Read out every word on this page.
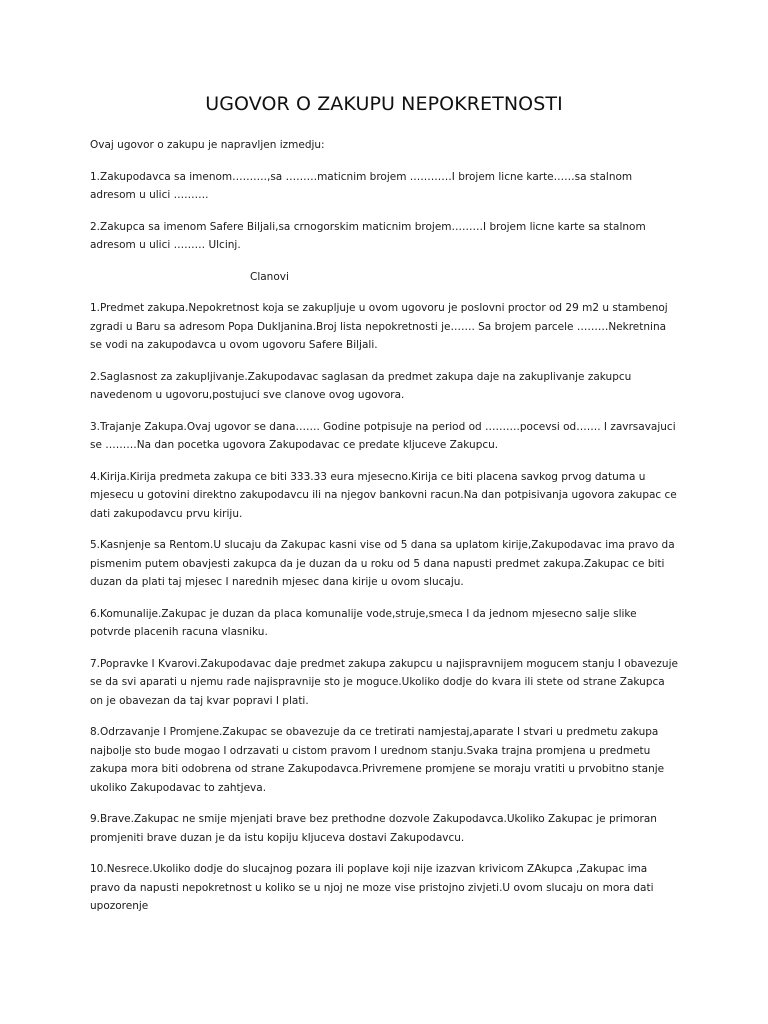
UGOVOR O ZAKUPU NEPOKRETNOSTI

Ovaj ugovor o zakupu je napravljen izmedju:

1.Zakupodavca sa imenom……….,sa ………maticnim brojem …………I brojem licne karte……sa stalnom adresom u ulici ……….

2.Zakupca sa imenom Safere Biljali,sa crnogorskim maticnim brojem………I brojem licne karte sa stalnom adresom u ulici ……… Ulcinj.

Clanovi

1.Predmet zakupa.Nepokretnost koja se zakupljuje u ovom ugovoru je poslovni proctor od 29 m2 u stambenoj zgradi u Baru sa adresom Popa Dukljanina.Broj lista nepokretnosti je……. Sa brojem parcele ………Nekretnina se vodi na zakupodavca u ovom ugovoru Safere Biljali.

2.Saglasnost za zakupljivanje.Zakupodavac saglasan da predmet zakupa daje na zakuplivanje zakupcu navedenom u ugovoru,postujuci sve clanove ovog ugovora.

3.Trajanje Zakupa.Ovaj ugovor se dana……. Godine potpisuje na period od ……….pocevsi od……. I zavrsavajuci se ………Na dan pocetka ugovora Zakupodavac ce predate kljuceve Zakupcu.

4.Kirija.Kirija predmeta zakupa ce biti 333.33 eura mjesecno.Kirija ce biti placena savkog prvog datuma u mjesecu u gotovini direktno zakupodavcu ili na njegov bankovni racun.Na dan potpisivanja ugovora zakupac ce dati zakupodavcu prvu kiriju.

5.Kasnjenje sa Rentom.U slucaju da Zakupac kasni vise od 5 dana sa uplatom kirije,Zakupodavac ima pravo da pismenim putem obavjesti zakupca da je duzan da u roku od 5 dana napusti predmet zakupa.Zakupac ce biti duzan da plati taj mjesec I narednih mjesec dana kirije u ovom slucaju.

6.Komunalije.Zakupac je duzan da placa komunalije vode,struje,smeca I da jednom mjesecno salje slike potvrde placenih racuna vlasniku.

7.Popravke I Kvarovi.Zakupodavac daje predmet zakupa zakupcu u najispravnijem mogucem stanju I obavezuje se da svi aparati u njemu rade najispravnije sto je moguce.Ukoliko dodje do kvara ili stete od strane Zakupca on je obavezan da taj kvar popravi I plati.

8.Odrzavanje I Promjene.Zakupac se obavezuje da ce tretirati namjestaj,aparate I stvari u predmetu zakupa najbolje sto bude mogao I odrzavati u cistom pravom I urednom stanju.Svaka trajna promjena u predmetu zakupa mora biti odobrena od strane Zakupodavca.Privremene promjene se moraju vratiti u prvobitno stanje ukoliko Zakupodavac to zahtjeva.

9.Brave.Zakupac ne smije mjenjati brave bez prethodne dozvole Zakupodavca.Ukoliko Zakupac je primoran promjeniti brave duzan je da istu kopiju kljuceva dostavi Zakupodavcu.

10.Nesrece.Ukoliko dodje do slucajnog pozara ili poplave koji nije izazvan krivicom ZAkupca ,Zakupac ima pravo da napusti nepokretnost u koliko se u njoj ne moze vise pristojno zivjeti.U ovom slucaju on mora dati upozorenje
